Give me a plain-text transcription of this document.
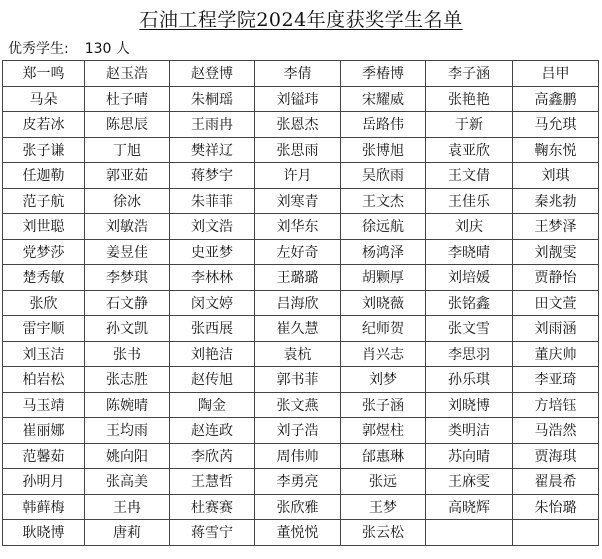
石油工程学院2024年度获奖学生名单
优秀学生:	130 人
郑一鸣	赵玉浩	赵登博	李倩	季椿博	李子涵	吕甲
马朵	杜子晴	朱桐瑶	刘镒玮	宋耀威	张艳艳	高鑫鹏
皮若冰	陈思辰	王雨冉	张恩杰	岳路伟	于新	马允琪
张子谦	丁旭	樊祥辽	张思雨	张博旭	袁亚欣	鞠东悦
任迦勒	郭亚茹	蒋梦宇	许月	吴欣雨	王文倩	刘琪
范子航	徐冰	朱菲菲	刘寒青	王文杰	王佳乐	秦兆勃
刘世聪	刘敏浩	刘文浩	刘华东	徐远航	刘庆	王梦泽
党梦莎	姜昱佳	史亚梦	左好奇	杨鸿泽	李晓晴	刘靓雯
楚秀敏	李梦琪	李林林	王璐璐	胡颗厚	刘培媛	贾静怡
张欣	石文静	闵文婷	吕海欣	刘晓薇	张铭鑫	田文萱
雷宇顺	孙文凯	张西展	崔久慧	纪师贺	张文雪	刘雨涵
刘玉洁	张书	刘艳洁	袁杭	肖兴志	李思羽	董庆帅
柏岩松	张志胜	赵传旭	郭书菲	刘梦	孙乐琪	李亚琦
马玉靖	陈婉晴	陶金	张文燕	张子涵	刘晓博	方培钰
崔丽娜	王均雨	赵连政	刘子浩	郭煜柱	类明洁	马浩然
范馨茹	姚向阳	李欣芮	周伟帅	邰惠琳	苏向晴	贾海琪
孙明月	张高美	王慧哲	李勇亮	张远	王庥雯	翟晨希
韩藓梅	王冉	杜赛赛	张欣雅	王梦	高晓辉	朱怡璐
耿晓博	唐莉	蒋雪宁	董悦悦	张云松		
